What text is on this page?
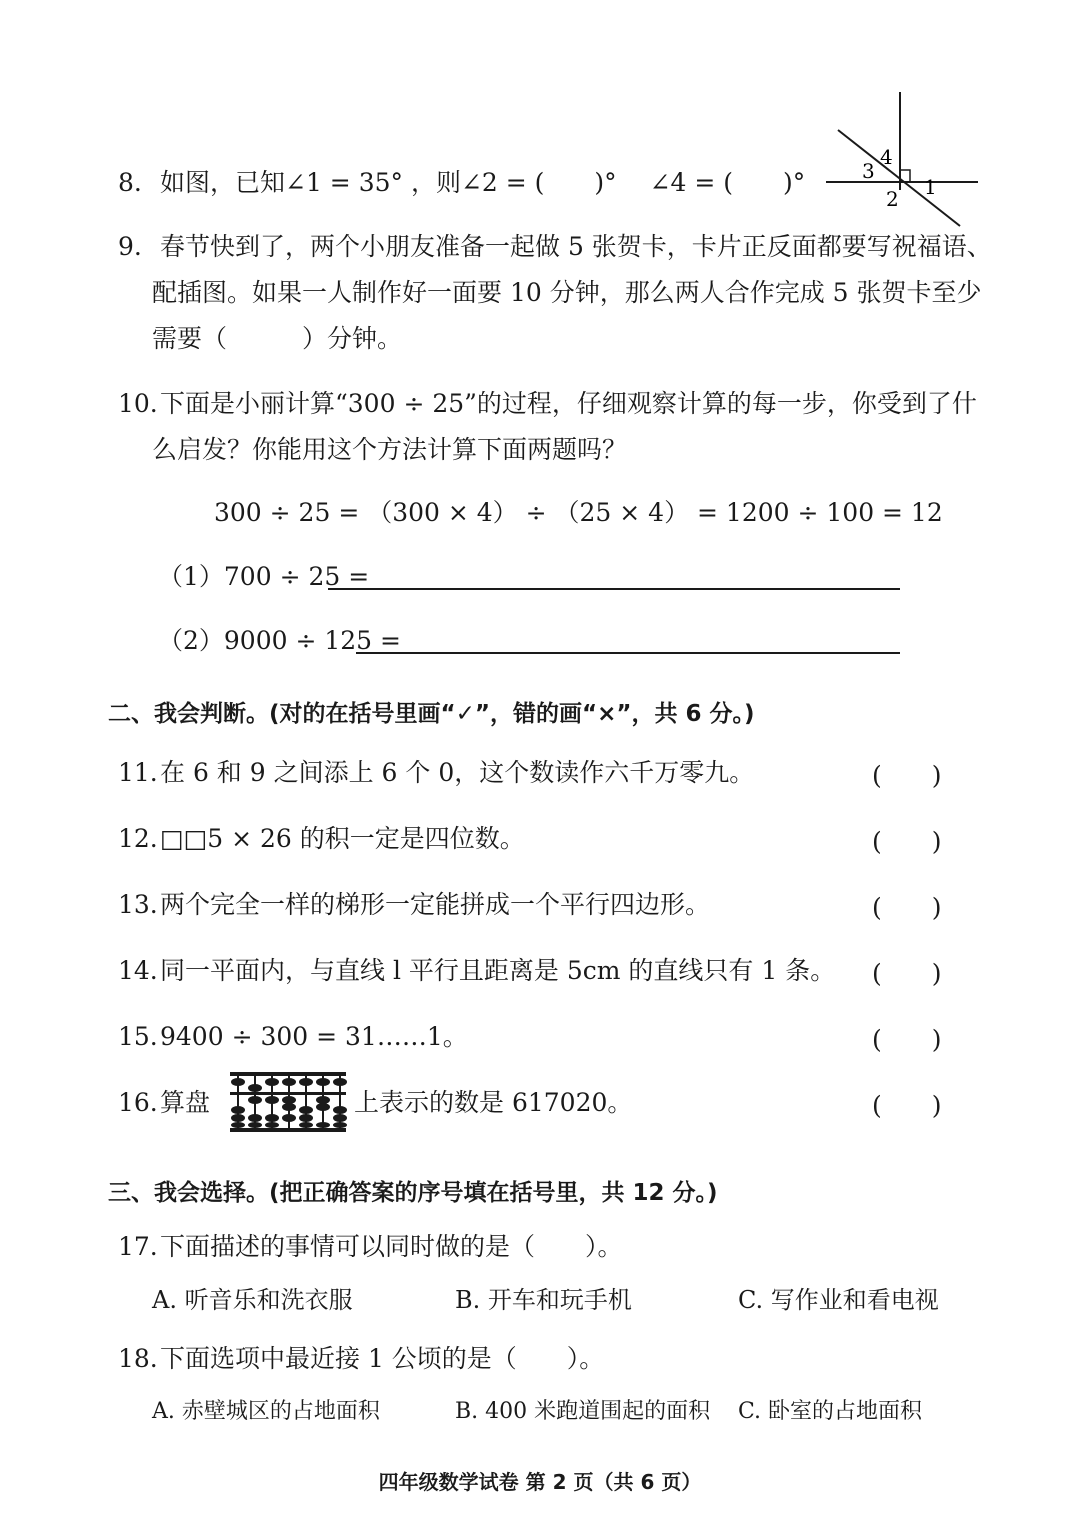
8. 如图，已知∠1 = 35° ，则∠2 = (　　)° 　∠4 = (　　)°
4
3
1
2
9. 春节快到了，两个小朋友准备一起做 5 张贺卡，卡片正反面都要写祝福语、
配插图。如果一人制作好一面要 10 分钟，那么两人合作完成 5 张贺卡至少
需要（　　　）分钟。
10.下面是小丽计算“300 ÷ 25”的过程，仔细观察计算的每一步，你受到了什
么启发？你能用这个方法计算下面两题吗？
300 ÷ 25 = （300 × 4） ÷ （25 × 4） = 1200 ÷ 100 = 12
（1）700 ÷ 25 =
（2）9000 ÷ 125 =
二、我会判断。(对的在括号里画“✓”，错的画“×”，共 6 分。)
11.在 6 和 9 之间添上 6 个 0，这个数读作六千万零九。	(　　)
12.□□5 × 26 的积一定是四位数。	(　　)
13.两个完全一样的梯形一定能拼成一个平行四边形。	(　　)
14.同一平面内，与直线 l 平行且距离是 5cm 的直线只有 1 条。 (　　)
15.9400 ÷ 300 = 31……1。	(　　)
16.算盘	上表示的数是 617020。	(　　)
三、我会选择。(把正确答案的序号填在括号里，共 12 分。)
17.下面描述的事情可以同时做的是（　　）。
A. 听音乐和洗衣服	B. 开车和玩手机	C. 写作业和看电视
18.下面选项中最近接 1 公顷的是（　　）。
A. 赤壁城区的占地面积	B. 400 米跑道围起的面积 C. 卧室的占地面积
四年级数学试卷 第 2 页（共 6 页）
